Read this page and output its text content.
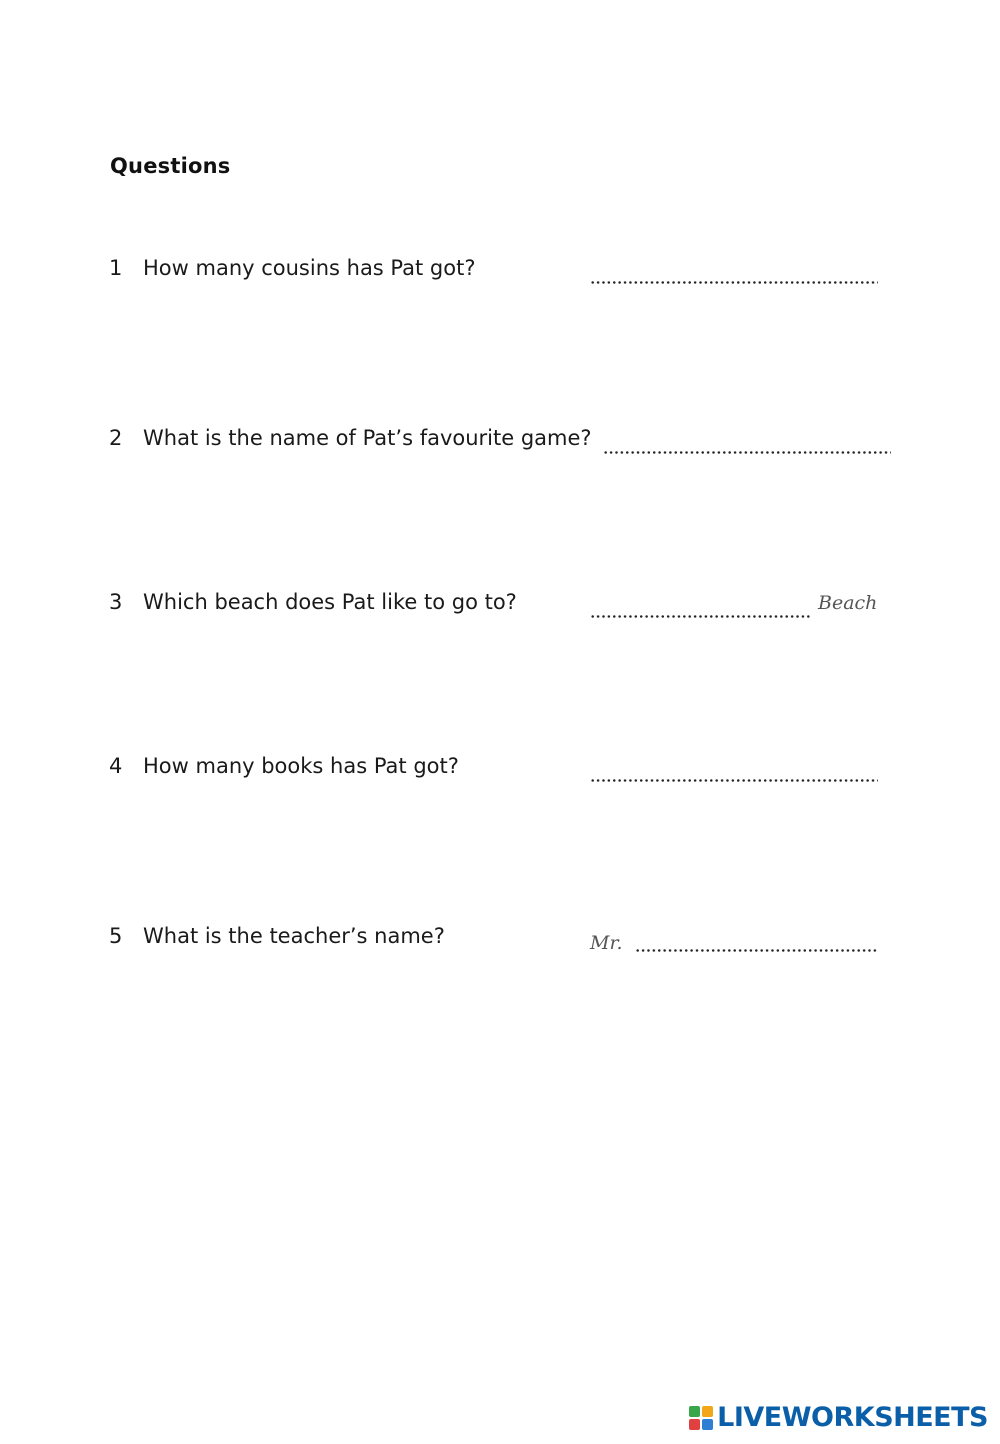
Questions
1 How many cousins has Pat got?
2 What is the name of Pat’s favourite game?
3 Which beach does Pat like to go to?	Beach
4 How many books has Pat got?
5 What is the teacher’s name?	Mr.
LIVEWORKSHEETS
